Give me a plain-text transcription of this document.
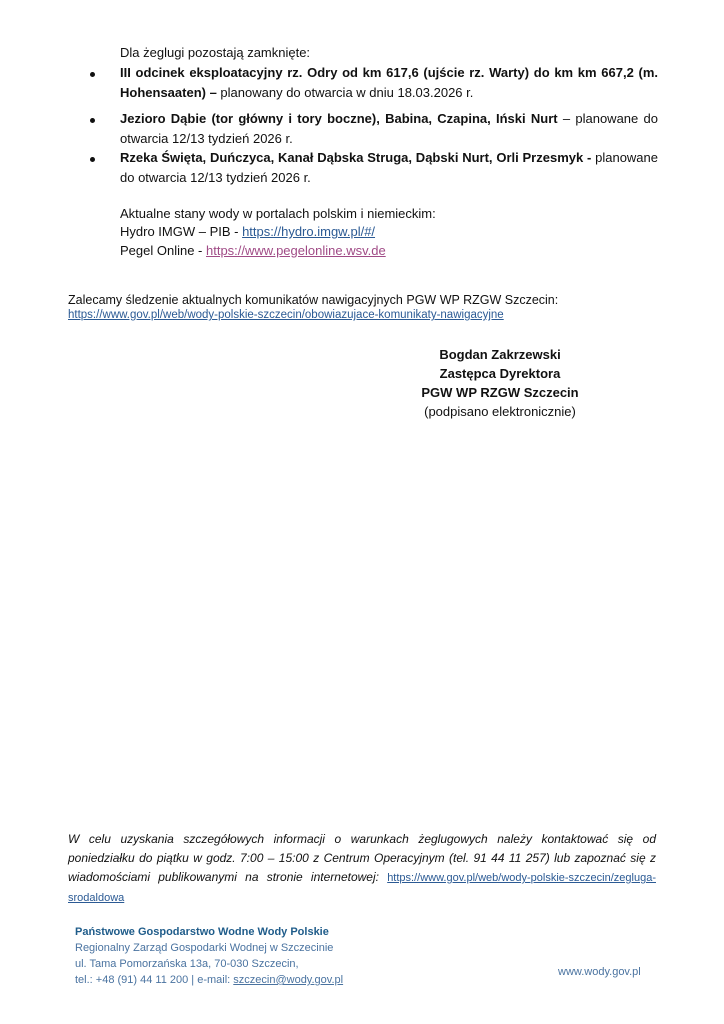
Dla żeglugi pozostają zamknięte:
III odcinek eksploatacyjny rz. Odry od km 617,6 (ujście rz. Warty) do km km 667,2 (m. Hohensaaten) – planowany do otwarcia w dniu 18.03.2026 r.
Jezioro Dąbie (tor główny i tory boczne), Babina, Czapina, Iński Nurt – planowane do otwarcia 12/13 tydzień 2026 r.
Rzeka Święta, Duńczyca, Kanał Dąbska Struga, Dąbski Nurt, Orli Przesmyk - planowane do otwarcia 12/13 tydzień 2026 r.
Aktualne stany wody w portalach polskim i niemieckim:
Hydro IMGW – PIB - https://hydro.imgw.pl/#/
Pegel Online - https://www.pegelonline.wsv.de
Zalecamy śledzenie aktualnych komunikatów nawigacyjnych PGW WP RZGW Szczecin:
https://www.gov.pl/web/wody-polskie-szczecin/obowiazujace-komunikaty-nawigacyjne
Bogdan Zakrzewski
Zastępca Dyrektora
PGW WP RZGW Szczecin
(podpisano elektronicznie)
W celu uzyskania szczegółowych informacji o warunkach żeglugowych należy kontaktować się od poniedziałku do piątku w godz. 7:00 – 15:00 z Centrum Operacyjnym (tel. 91 44 11 257) lub zapoznać się z wiadomościami publikowanymi na stronie internetowej: https://www.gov.pl/web/wody-polskie-szczecin/zegluga-srodaldowa
Państwowe Gospodarstwo Wodne Wody Polskie
Regionalny Zarząd Gospodarki Wodnej w Szczecinie
ul. Tama Pomorzańska 13a, 70-030 Szczecin,
tel.: +48 (91) 44 11 200 | e-mail: szczecin@wody.gov.pl
www.wody.gov.pl
